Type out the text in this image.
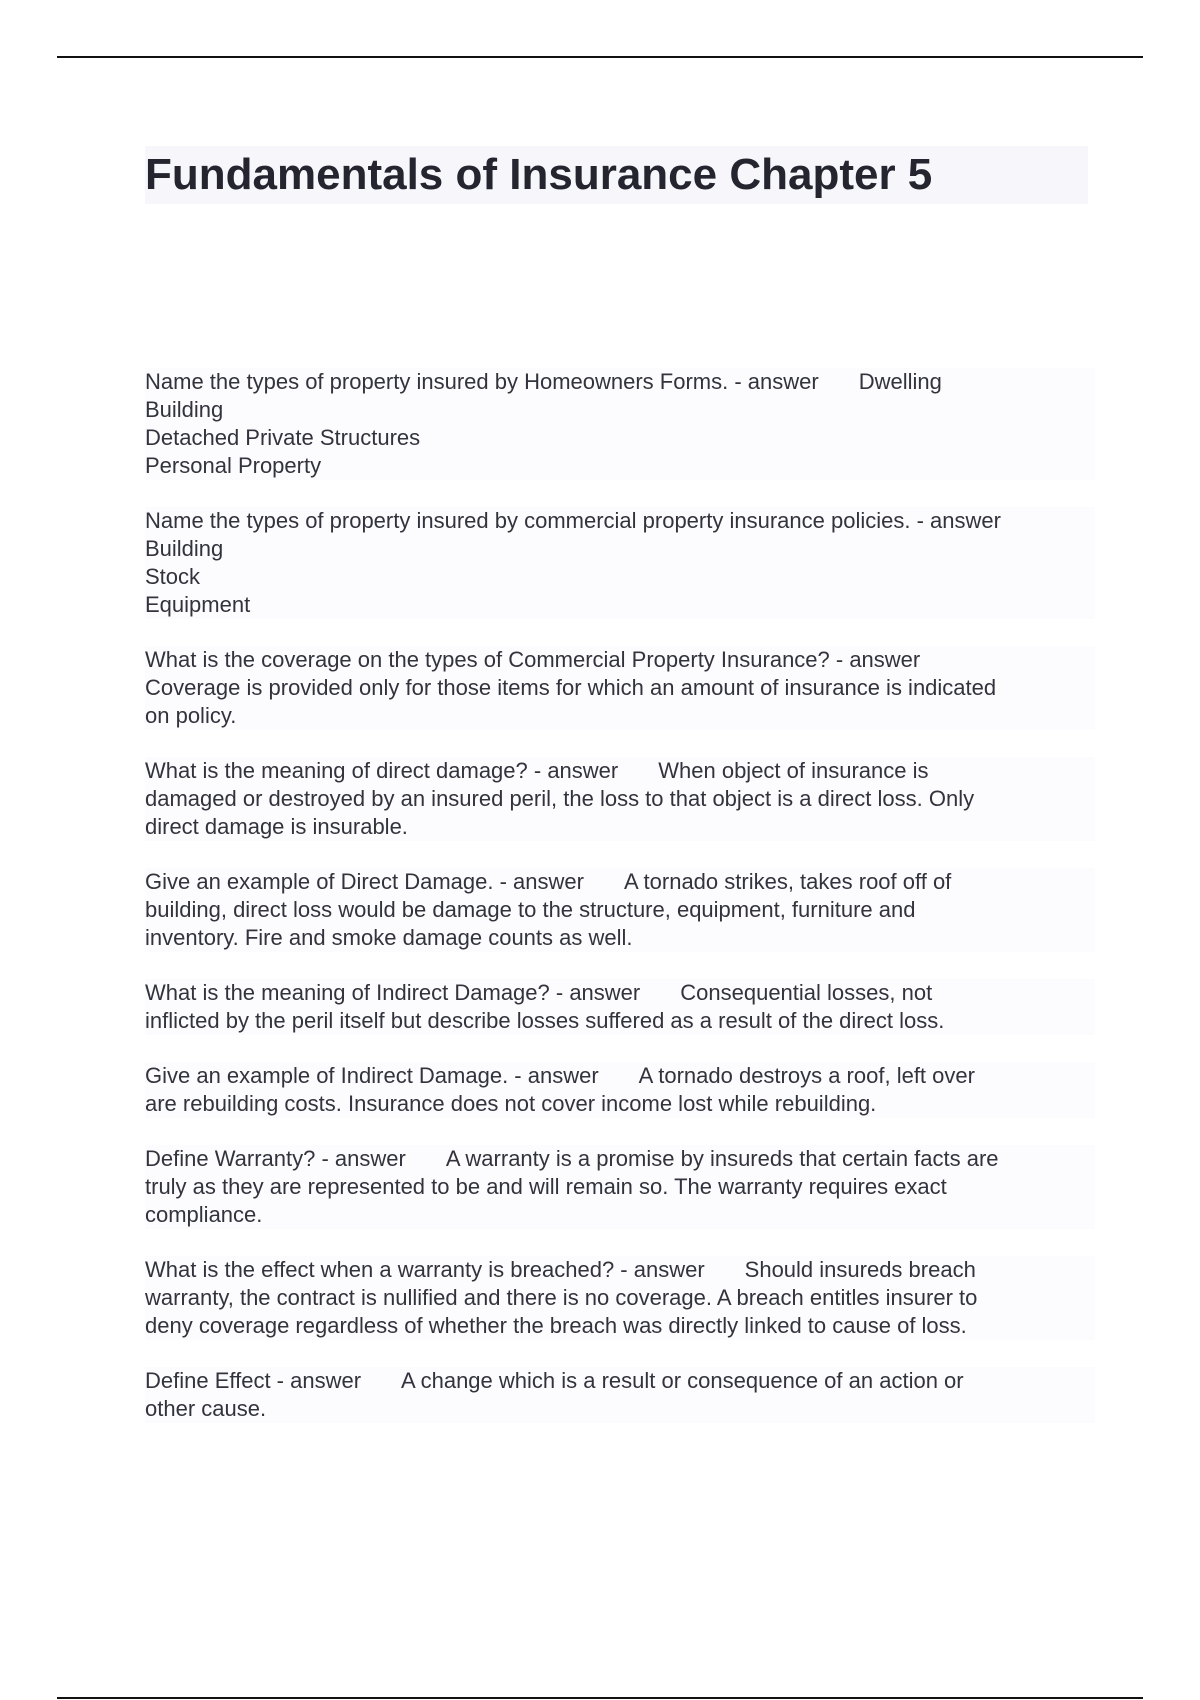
Fundamentals of Insurance Chapter 5
Name the types of property insured by Homeowners Forms. - answer Dwelling
Building
Detached Private Structures
Personal Property
Name the types of property insured by commercial property insurance policies. - answer
Building
Stock
Equipment
What is the coverage on the types of Commercial Property Insurance? - answer
Coverage is provided only for those items for which an amount of insurance is indicated
on policy.
What is the meaning of direct damage? - answer When object of insurance is
damaged or destroyed by an insured peril, the loss to that object is a direct loss. Only
direct damage is insurable.
Give an example of Direct Damage. - answer A tornado strikes, takes roof off of
building, direct loss would be damage to the structure, equipment, furniture and
inventory. Fire and smoke damage counts as well.
What is the meaning of Indirect Damage? - answer Consequential losses, not
inflicted by the peril itself but describe losses suffered as a result of the direct loss.
Give an example of Indirect Damage. - answer A tornado destroys a roof, left over
are rebuilding costs. Insurance does not cover income lost while rebuilding.
Define Warranty? - answer A warranty is a promise by insureds that certain facts are
truly as they are represented to be and will remain so. The warranty requires exact
compliance.
What is the effect when a warranty is breached? - answer Should insureds breach
warranty, the contract is nullified and there is no coverage. A breach entitles insurer to
deny coverage regardless of whether the breach was directly linked to cause of loss.
Define Effect - answer A change which is a result or consequence of an action or
other cause.
